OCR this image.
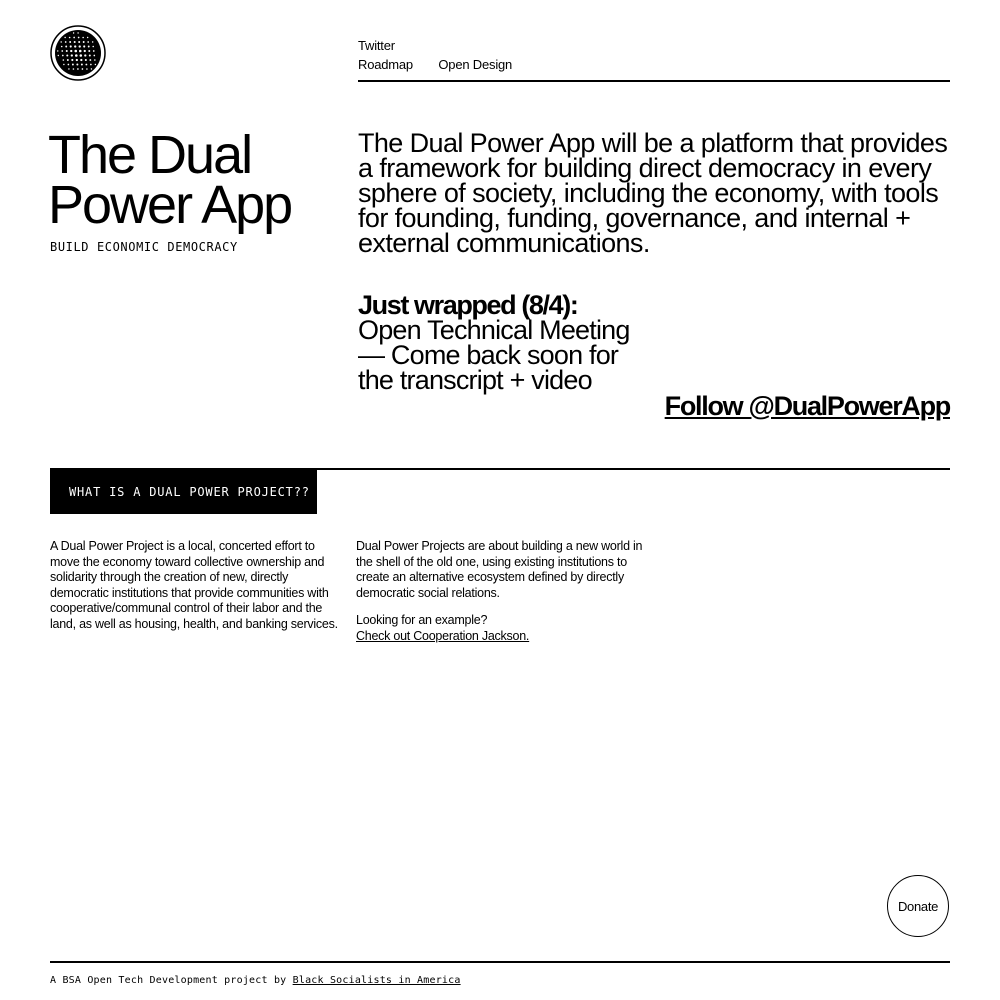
Twitter
Roadmap Open Design
The Dual
Power App
BUILD ECONOMIC DEMOCRACY

The Dual Power App will be a platform that provides a framework for building direct democracy in every sphere of society, including the economy, with tools for founding, funding, governance, and internal + external communications.

Just wrapped (8/4):
Open Technical Meeting — Come back soon for the transcript + video
Follow @DualPowerApp
WHAT IS A DUAL POWER PROJECT??

A Dual Power Project is a local, concerted effort to move the economy toward collective ownership and solidarity through the creation of new, directly democratic institutions that provide communities with cooperative/communal control of their labor and the land, as well as housing, health, and banking services.

Dual Power Projects are about building a new world in the shell of the old one, using existing institutions to create an alternative ecosystem defined by directly democratic social relations.

Looking for an example?
Check out Cooperation Jackson.

Donate
A BSA Open Tech Development project by Black Socialists in America
